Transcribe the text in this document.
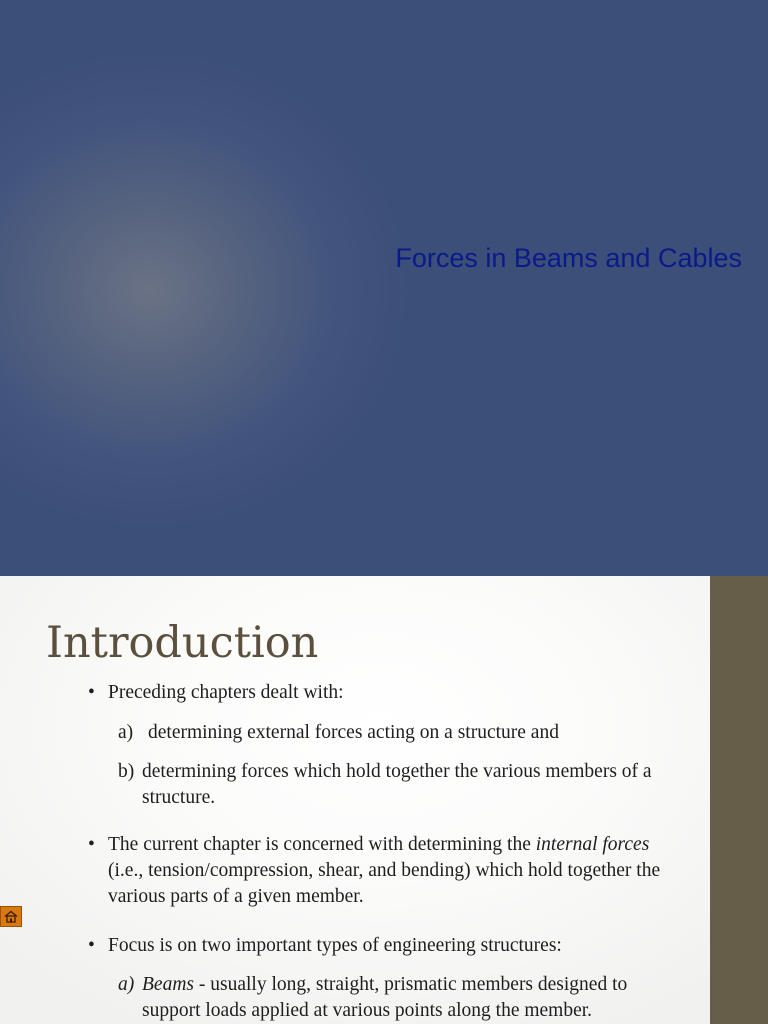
Forces in Beams and Cables
Introduction
• Preceding chapters dealt with:
a) determining external forces acting on a structure and
b) determining forces which hold together the various members of a structure.
• The current chapter is concerned with determining the internal forces (i.e., tension/compression, shear, and bending) which hold together the various parts of a given member.
• Focus is on two important types of engineering structures:
a) Beams - usually long, straight, prismatic members designed to support loads applied at various points along the member.
